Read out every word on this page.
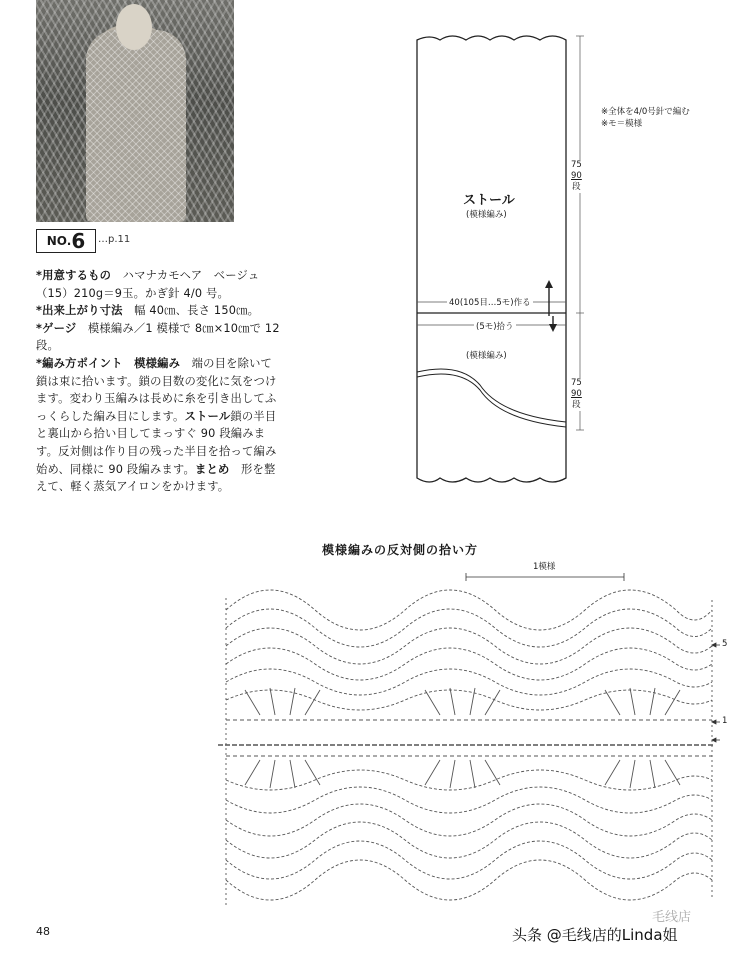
NO. 6 …p.11

*用意するもの　 ハマナカモヘア　ベージュ（15）210g＝9玉。かぎ針 4/0 号。

*出来上がり寸法　 幅 40㎝、長さ 150㎝。

*ゲージ　 模様編み／1 模様で 8㎝×10㎝で 12 段。

*編み方ポイント　模様編み　 端の目を除いて鎖は束に拾います。鎖の目数の変化に気をつけます。変わり玉編みは長めに糸を引き出してふっくらした編み目にします。ストール鎖の半目と裏山から拾い目してまっすぐ 90 段編みます。反対側は作り目の残った半目を拾って編み始め、同様に 90 段編みます。まとめ　 形を整えて、軽く蒸気アイロンをかけます。

※全体を4/0号針で編む
※モ＝模様
ストール
(模様編み)
40(105目…5モ)作る
(5モ)拾う
(模様編み)
75
90
段
75
90
段
模様編みの反対側の拾い方
1模様
5
1
48
毛线店
头条 @毛线店的Linda姐
